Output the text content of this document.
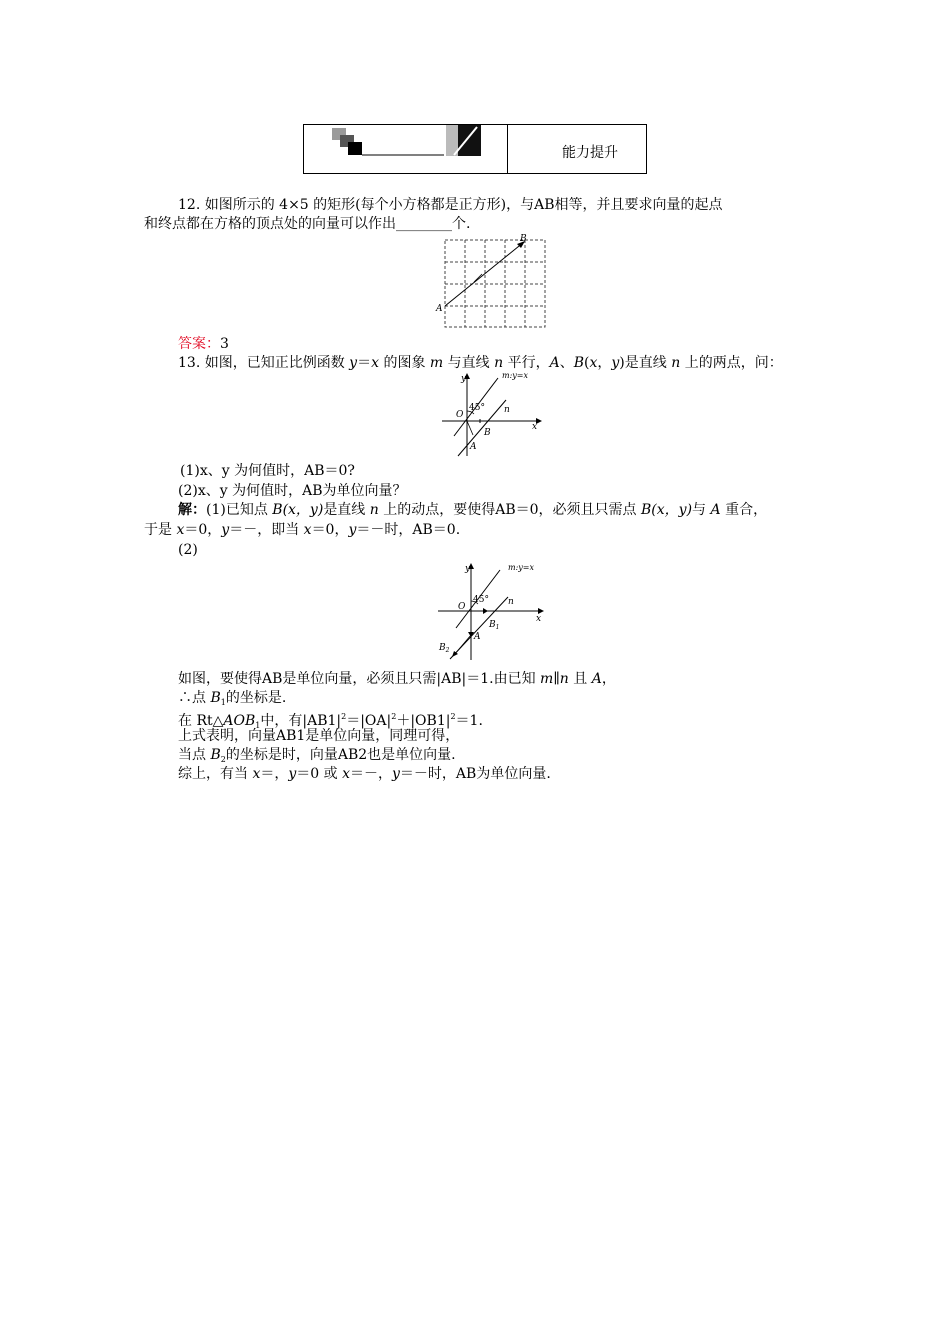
能力提升
12. 如图所示的 4×5 的矩形(每个小方格都是正方形)，与AB相等，并且要求向量的起点
和终点都在方格的顶点处的向量可以作出________个.
A
B
答案：3
13. 如图，已知正比例函数 y＝x 的图象 m 与直线 n 平行，A、B(x，y)是直线 n 上的两点，问：
y
x
O
45° n
m:y=x
A
B
(1)x、y 为何值时，AB＝0?
(2)x、y 为何值时，AB为单位向量？
解：(1)已知点 B(x，y)是直线 n 上的动点，要使得AB＝0，必须且只需点 B(x，y)与 A 重合，
于是 x＝0，y＝－，即当 x＝0，y＝－时，AB＝0.
(2)
y
x
O
45° n
m:y=x
A
$B_1$
$B_2$
如图，要使得AB是单位向量，必须且只需|AB|＝1.由已知 m∥n 且 A，
∴点 $B_1$的坐标是.
在 $Rt\triangle AOB_1$中，有$|AB1|^2=|OA|^2+|OB1|^2=1$.
上式表明，向量AB1是单位向量，同理可得，
当点 $B_2$的坐标是时，向量AB2也是单位向量.
综上，有当 x＝，y＝0 或 x＝－，y＝－时，AB为单位向量.
